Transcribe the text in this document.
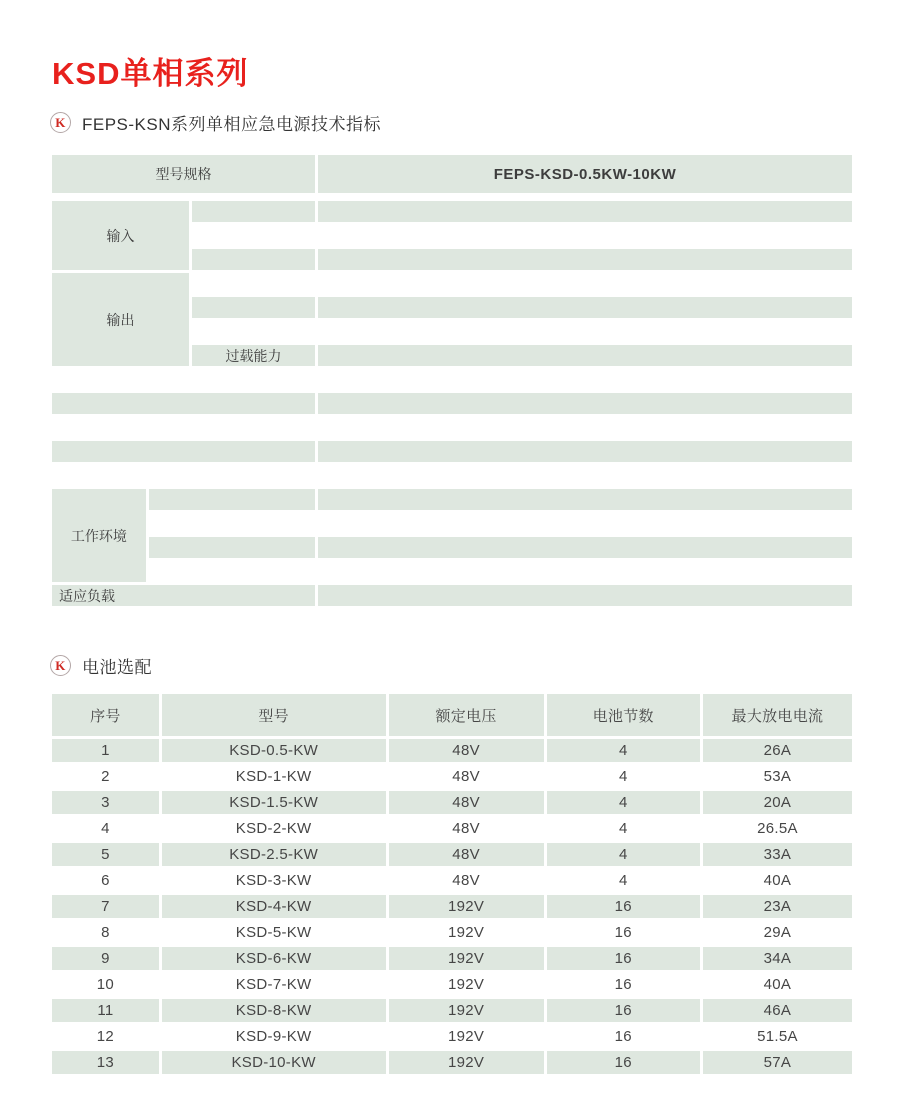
KSD单相系列
K FEPS-KSN系列单相应急电源技术指标
型号规格			FEPS-KSD-0.5KW-10KW

输入			

输出			

		过载能力	

工作环境			

适应负载			
K 电池选配
序号	型号	额定电压	电池节数	最大放电电流
1	KSD-0.5-KW	48V	4	26A
2	KSD-1-KW	48V	4	53A
3	KSD-1.5-KW	48V	4	20A
4	KSD-2-KW	48V	4	26.5A
5	KSD-2.5-KW	48V	4	33A
6	KSD-3-KW	48V	4	40A
7	KSD-4-KW	192V	16	23A
8	KSD-5-KW	192V	16	29A
9	KSD-6-KW	192V	16	34A
10	KSD-7-KW	192V	16	40A
11	KSD-8-KW	192V	16	46A
12	KSD-9-KW	192V	16	51.5A
13	KSD-10-KW	192V	16	57A
